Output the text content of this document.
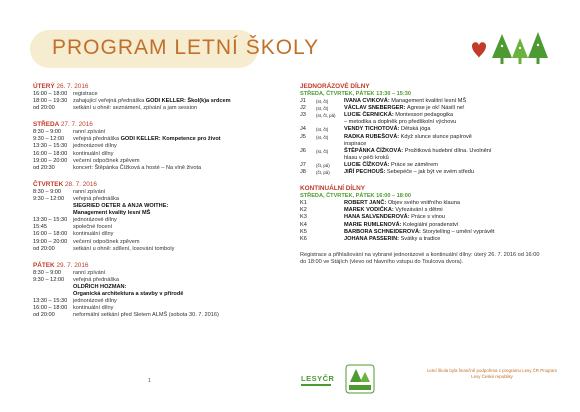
PROGRAM LETNÍ ŠKOLY
ÚTERÝ 26. 7. 2016
16:00 – 18:00	registrace
18:00 – 19:30	zahajující veřejná přednáška GODI KELLER: Škol(k)a srdcem
od 20:00	setkání u ohně: seznámení, zpívání a jam session
STŘEDA 27. 7. 2016
8:30 – 9:00	ranní zpívání
9:30 – 12:00	veřejná přednáška GODI KELLER: Kompetence pro život
13:30 – 15:30	jednorázové dílny
16:00 – 18:00	kontinuální dílny
19:00 – 20:00	večerní odpočinek zpěvem
od 20:30	koncert: Štěpánka Čížková a hosté – Na vlně života
ČTVRTEK 28. 7. 2016
8:30 – 9:00	ranní zpívání
9:30 – 12:00	veřejná přednáška
SIEGRIED OETER & ANJA WOITHE:
Management kvality lesní MŠ
13:30 – 15:30	jednorázové dílny
15:45	společné focení
16:00 – 18:00	kontinuální dílny
19:00 – 20:00	večerní odpočinek zpěvem
od 20:00	setkání u ohně: sdílení, losování tomboly
PÁTEK 29. 7. 2016
8:30 – 9:00	ranní zpívání
9:30 – 12:00	veřejná přednáška
OLDŘICH HOZMAN:
Organická architektura a stavby v přírodě
13:30 – 15:30	jednorázové dílny
16:00 – 18:00	kontinuální dílny
od 20:00	neformální setkání před Sletem ALMŠ (sobota 30. 7. 2016)
1
JEDNORÁZOVÉ DÍLNY
STŘEDA, ČTVRTEK, PÁTEK 13:30 – 15:30
J1	(st, čt)	IVANA CVIKOVÁ: Management kvalitní lesní MŠ
J2	(st, čt)	VÁCLAV SNEBERGER: Agrese je ok! Násilí ne!
J3	(st, čt, pá)	LUCIE ČERNICKÁ: Montessori pedagogika
– metodika a doplněk pro předškolní výchovu
J4	(st, čt)	VENDY TICHOTOVÁ: Dětská jóga
J5	(st, čt)	RADKA RUBEŠOVÁ: Když slunce slunce papírově
inspirace
J6	(st, čt)	ŠTĚPÁNKA ČÍŽKOVÁ: Prožitková hudební dílna. Uvolnění
hlasu v péči kroků
J7	(čt, pá)	LUCIE ČÍŽKOVÁ: Práce se záměrem
J8	(čt, pá)	JIŘÍ PECHOUŠ: Sebepéče – jak být ve svém středu
KONTINUÁLNÍ DÍLNY
STŘEDA, ČTVRTEK, PÁTEK 16:00 – 18:00
K1	ROBERT JANČ: Objev svého vnitřního klauna
K2	MAREK VODIČKA: Vyřezávání s dětmi
K3	HANA SALVENDEROVÁ: Práce s vlnou
K4	MARIE RUMLENOVÁ: Kolegiální poradenství
K5	BARBORA SCHNEIDEROVÁ: Storytelling – umění vyprávět
K6	JOHANA PASSERIN: Svátky a tradice

Registrace a přihlašování na vybrané jednorázové a kontinuální dílny: úterý 26. 7. 2016 od 16:00 do 18:00 ve Stájích (vlevo od hlavního vstupu do Toulcova dvora).

LESYČR
Letní škola byla finančně podpořena z programu Lesy ČR Program Lesy České republiky
